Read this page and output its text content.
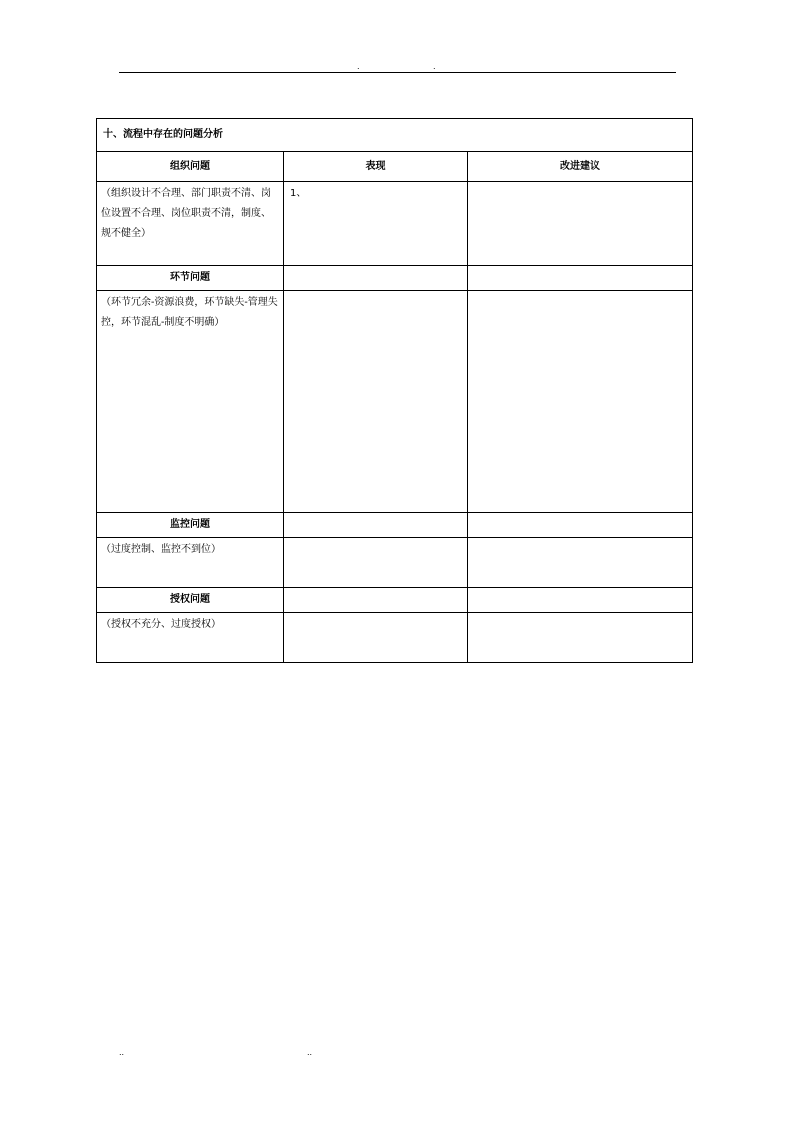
.	.
十、流程中存在的问题分析		
组织问题	表现	改进建议
（组织设计不合理、部门职责不清、岗位设置不合理、岗位职责不清，制度、规不健全）	1、	
环节问题		
（环节冗余-资源浪费，环节缺失-管理失控，环节混乱-制度不明确）		
监控问题		
（过度控制、监控不到位）		
授权问题		
（授权不充分、过度授权）		
..	..
